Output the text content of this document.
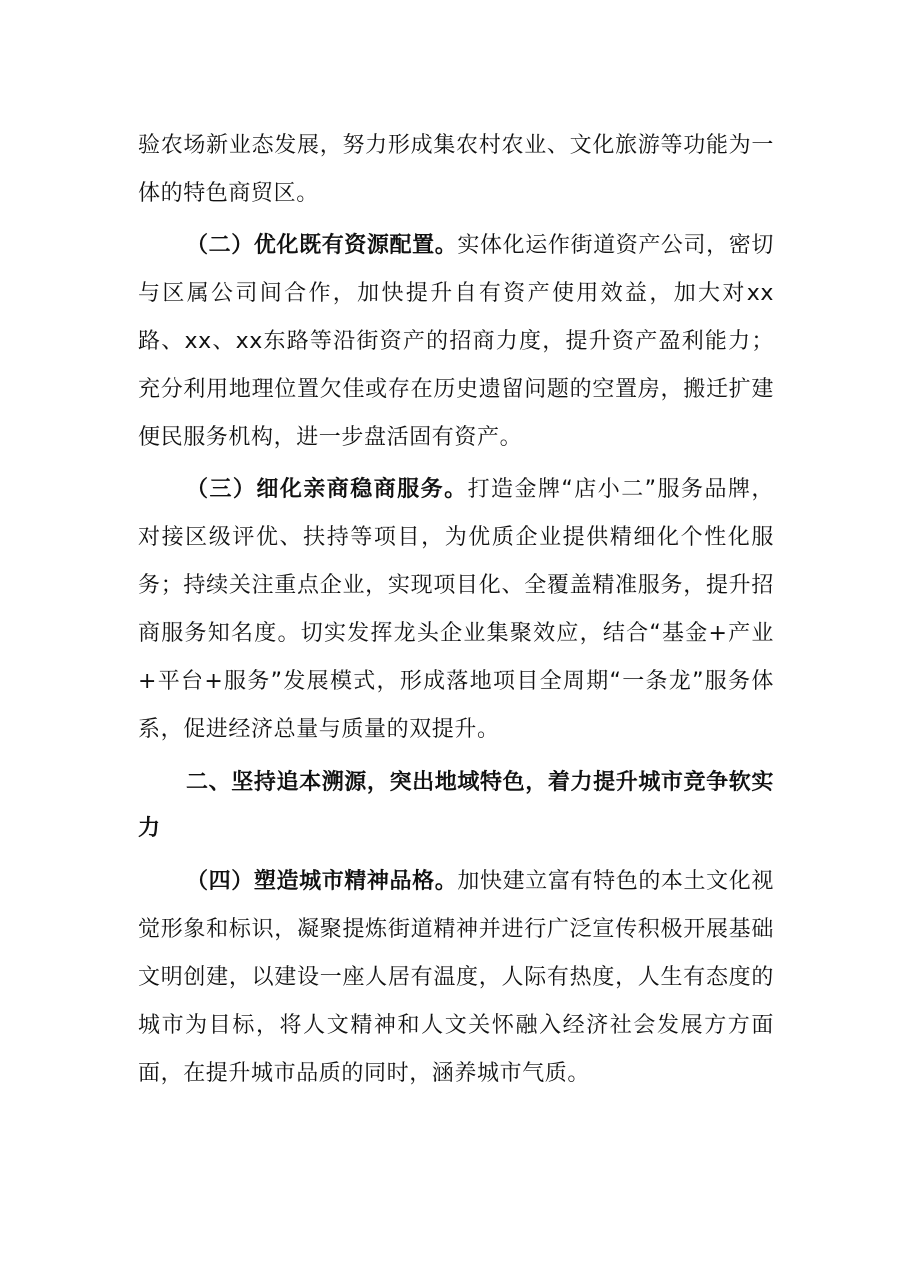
验农场新业态发展，努力形成集农村农业、文化旅游等功能为一体的特色商贸区。

（二）优化既有资源配置。实体化运作街道资产公司，密切与区属公司间合作，加快提升自有资产使用效益，加大对xx路、xx、xx东路等沿街资产的招商力度，提升资产盈利能力；充分利用地理位置欠佳或存在历史遗留问题的空置房，搬迁扩建便民服务机构，进一步盘活固有资产。

（三）细化亲商稳商服务。打造金牌“店小二”服务品牌，对接区级评优、扶持等项目，为优质企业提供精细化个性化服务；持续关注重点企业，实现项目化、全覆盖精准服务，提升招商服务知名度。切实发挥龙头企业集聚效应，结合“基金+产业+平台+服务”发展模式，形成落地项目全周期“一条龙”服务体系，促进经济总量与质量的双提升。

二、坚持追本溯源，突出地域特色，着力提升城市竞争软实力

（四）塑造城市精神品格。加快建立富有特色的本土文化视觉形象和标识，凝聚提炼街道精神并进行广泛宣传积极开展基础文明创建，以建设一座人居有温度，人际有热度，人生有态度的城市为目标，将人文精神和人文关怀融入经济社会发展方方面面，在提升城市品质的同时，涵养城市气质。
